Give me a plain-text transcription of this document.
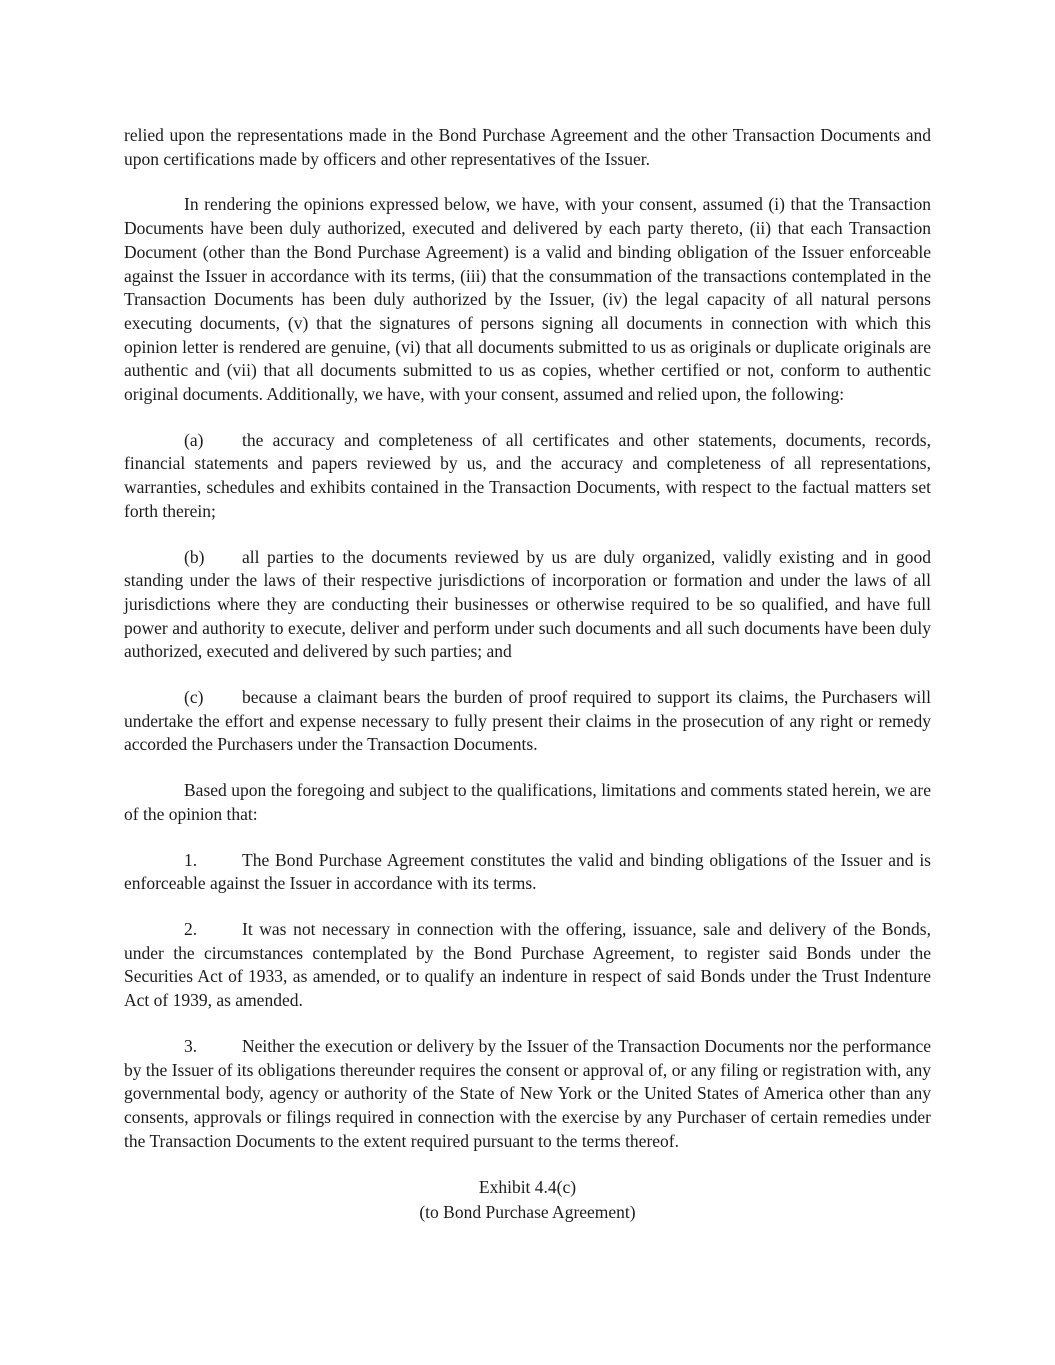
relied upon the representations made in the Bond Purchase Agreement and the other Transaction Documents and upon certifications made by officers and other representatives of the Issuer.

In rendering the opinions expressed below, we have, with your consent, assumed (i) that the Transaction Documents have been duly authorized, executed and delivered by each party thereto, (ii) that each Transaction Document (other than the Bond Purchase Agreement) is a valid and binding obligation of the Issuer enforceable against the Issuer in accordance with its terms, (iii) that the consummation of the transactions contemplated in the Transaction Documents has been duly authorized by the Issuer, (iv) the legal capacity of all natural persons executing documents, (v) that the signatures of persons signing all documents in connection with which this opinion letter is rendered are genuine, (vi) that all documents submitted to us as originals or duplicate originals are authentic and (vii) that all documents submitted to us as copies, whether certified or not, conform to authentic original documents. Additionally, we have, with your consent, assumed and relied upon, the following:

(a) the accuracy and completeness of all certificates and other statements, documents, records, financial statements and papers reviewed by us, and the accuracy and completeness of all representations, warranties, schedules and exhibits contained in the Transaction Documents, with respect to the factual matters set forth therein;

(b) all parties to the documents reviewed by us are duly organized, validly existing and in good standing under the laws of their respective jurisdictions of incorporation or formation and under the laws of all jurisdictions where they are conducting their businesses or otherwise required to be so qualified, and have full power and authority to execute, deliver and perform under such documents and all such documents have been duly authorized, executed and delivered by such parties; and

(c) because a claimant bears the burden of proof required to support its claims, the Purchasers will undertake the effort and expense necessary to fully present their claims in the prosecution of any right or remedy accorded the Purchasers under the Transaction Documents.

Based upon the foregoing and subject to the qualifications, limitations and comments stated herein, we are of the opinion that:

1.	The Bond Purchase Agreement constitutes the valid and binding obligations of the Issuer and is enforceable against the Issuer in accordance with its terms.

2.	It was not necessary in connection with the offering, issuance, sale and delivery of the Bonds, under the circumstances contemplated by the Bond Purchase Agreement, to register said Bonds under the Securities Act of 1933, as amended, or to qualify an indenture in respect of said Bonds under the Trust Indenture Act of 1939, as amended.

3.	Neither the execution or delivery by the Issuer of the Transaction Documents nor the performance by the Issuer of its obligations thereunder requires the consent or approval of, or any filing or registration with, any governmental body, agency or authority of the State of New York or the United States of America other than any consents, approvals or filings required in connection with the exercise by any Purchaser of certain remedies under the Transaction Documents to the extent required pursuant to the terms thereof.

Exhibit 4.4(c)
(to Bond Purchase Agreement)
